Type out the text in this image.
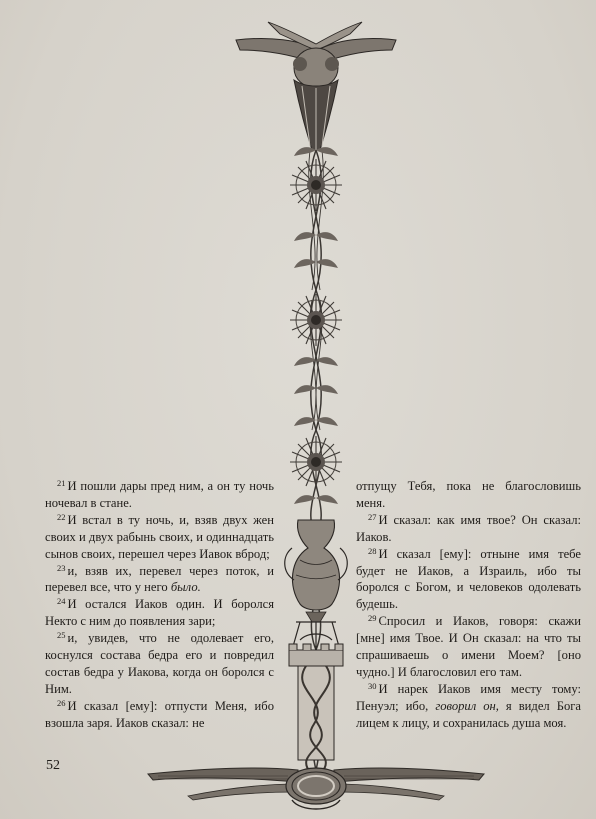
$^{21}$ И пошли дары пред ним, а он ту ночь ночевал в стане.

$^{22}$ И встал в ту ночь, и, взяв двух жен своих и двух рабынь своих, и одиннадцать сынов своих, перешел через Иавок вброд;

$^{23}$ и, взяв их, перевел через поток, и перевел все, что у него было.

$^{24}$ И остался Иаков один. И боролся Некто с ним до появления зари;

$^{25}$ и, увидев, что не одолевает его, коснулся состава бедра его и повредил состав бедра у Иакова, когда он боролся с Ним.

$^{26}$ И сказал [ему]: отпусти Меня, ибо взошла заря. Иаков сказал: не

отпущу Тебя, пока не благословишь меня.

$^{27}$ И сказал: как имя твое? Он сказал: Иаков.

$^{28}$ И сказал [ему]: отныне имя тебе будет не Иаков, а Израиль, ибо ты боролся с Богом, и человеков одолевать будешь.

$^{29}$ Спросил и Иаков, говоря: скажи [мне] имя Твое. И Он сказал: на что ты спрашиваешь о имени Моем? [оно чудно.] И благословил его там.

$^{30}$ И нарек Иаков имя месту тому: Пенуэл; ибо, говорил он, я видел Бога лицем к лицу, и сохранилась душа моя.

52
